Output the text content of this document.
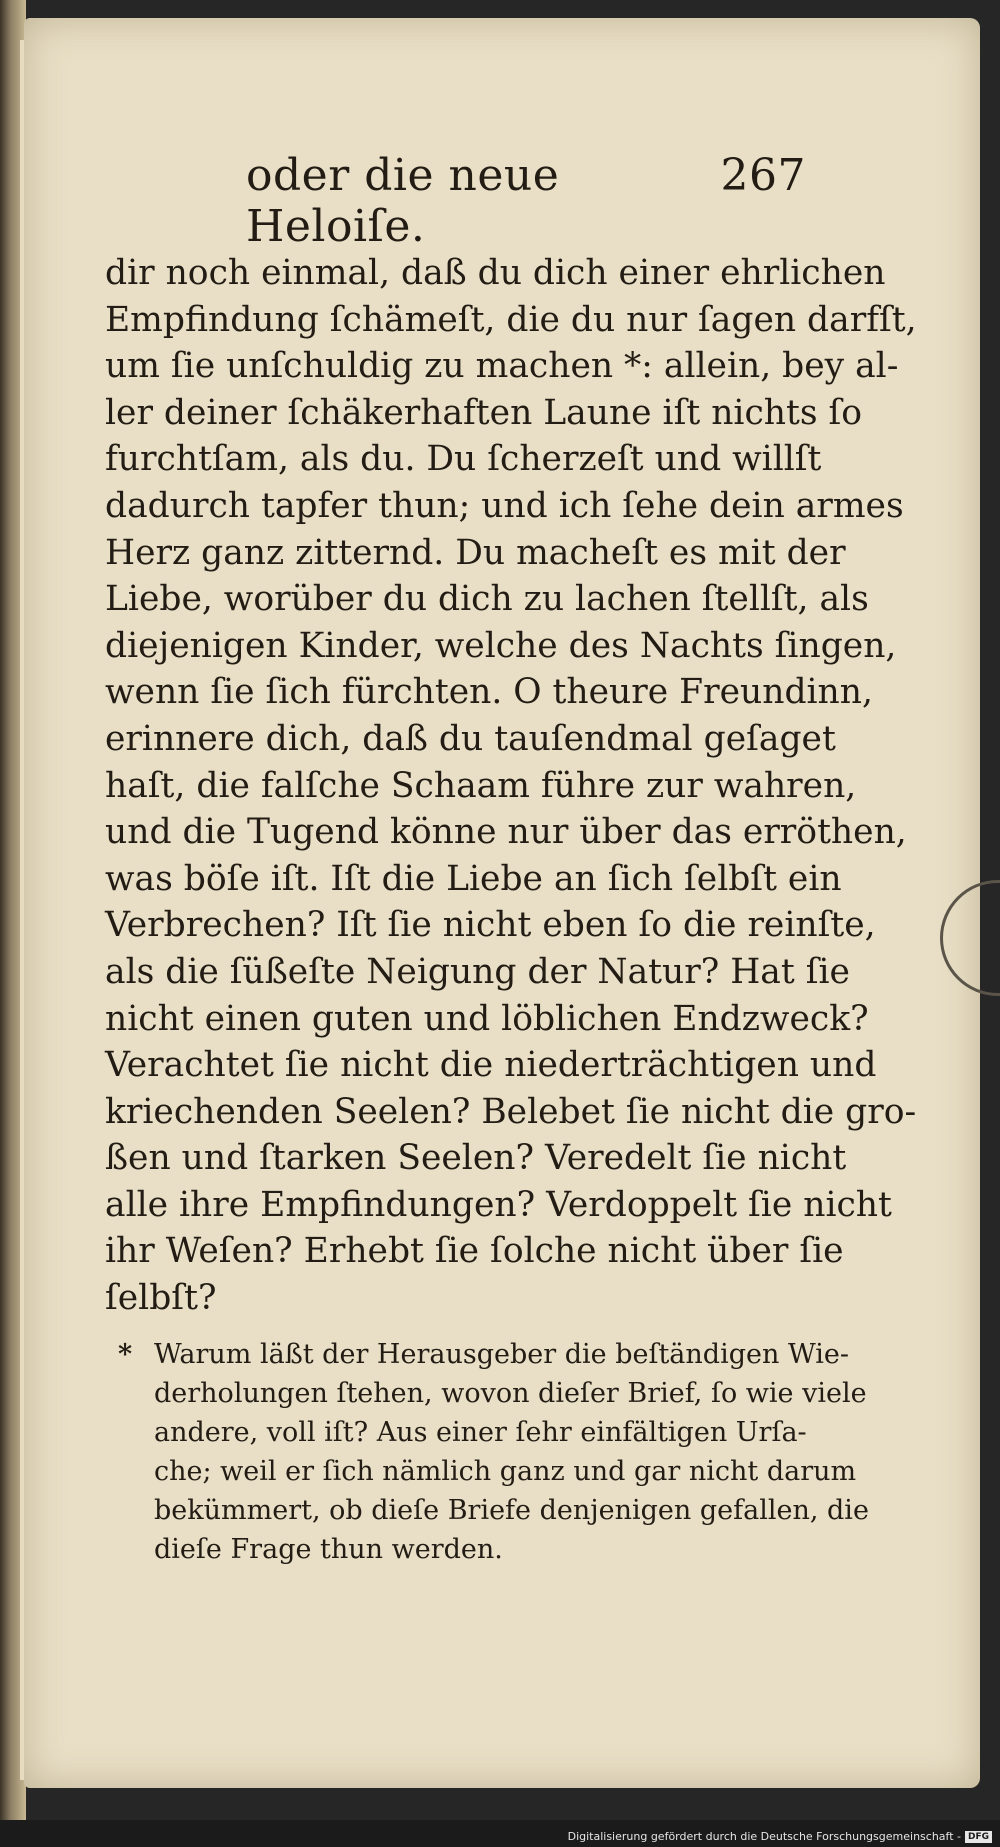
oder die neue Heloiſe.
267
dir noch einmal, daß du dich einer ehrlichen
Empfindung ſchämeſt, die du nur ſagen darfſt,
um ſie unſchuldig zu machen *: allein, bey al-
ler deiner ſchäkerhaften Laune iſt nichts ſo
furchtſam, als du. Du ſcherzeſt und willſt
dadurch tapfer thun; und ich ſehe dein armes
Herz ganz zitternd. Du macheſt es mit der
Liebe, worüber du dich zu lachen ſtellſt, als
diejenigen Kinder, welche des Nachts ſingen,
wenn ſie ſich fürchten. O theure Freundinn,
erinnere dich, daß du tauſendmal geſaget
haſt, die falſche Schaam führe zur wahren,
und die Tugend könne nur über das erröthen,
was böſe iſt. Iſt die Liebe an ſich ſelbſt ein
Verbrechen? Iſt ſie nicht eben ſo die reinſte,
als die ſüßeſte Neigung der Natur? Hat ſie
nicht einen guten und löblichen Endzweck?
Verachtet ſie nicht die niederträchtigen und
kriechenden Seelen? Belebet ſie nicht die gro-
ßen und ſtarken Seelen? Veredelt ſie nicht
alle ihre Empfindungen? Verdoppelt ſie nicht
ihr Weſen? Erhebt ſie ſolche nicht über ſie
ſelbſt?
* Warum läßt der Herausgeber die beſtändigen Wie-
derholungen ſtehen, wovon dieſer Brief, ſo wie viele
andere, voll iſt? Aus einer ſehr einfältigen Urſa-
che; weil er ſich nämlich ganz und gar nicht darum
bekümmert, ob dieſe Briefe denjenigen gefallen, die
dieſe Frage thun werden.
Digitalisierung gefördert durch die Deutsche Forschungsgemeinschaft - DFG
